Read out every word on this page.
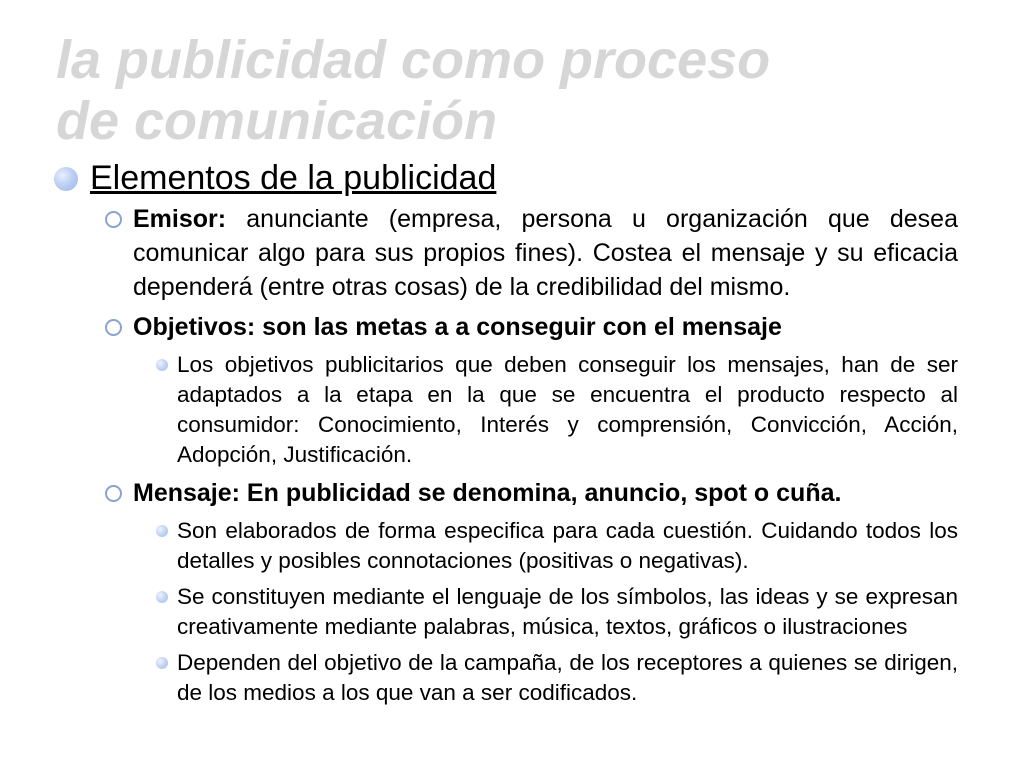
la publicidad como proceso
de comunicación
Elementos de la publicidad
Emisor: anunciante (empresa, persona u organización que desea comunicar algo para sus propios fines). Costea el mensaje y su eficacia dependerá (entre otras cosas) de la credibilidad del mismo.
Objetivos: son las metas a a conseguir con el mensaje
Los objetivos publicitarios que deben conseguir los mensajes, han de ser adaptados a la etapa en la que se encuentra el producto respecto al consumidor: Conocimiento, Interés y comprensión, Convicción, Acción, Adopción, Justificación.
Mensaje: En publicidad se denomina, anuncio, spot o cuña.
Son elaborados de forma especifica para cada cuestión. Cuidando todos los detalles y posibles connotaciones (positivas o negativas).
Se constituyen mediante el lenguaje de los símbolos, las ideas y se expresan creativamente mediante palabras, música, textos, gráficos o ilustraciones
Dependen del objetivo de la campaña, de los receptores a quienes se dirigen, de los medios a los que van a ser codificados.
